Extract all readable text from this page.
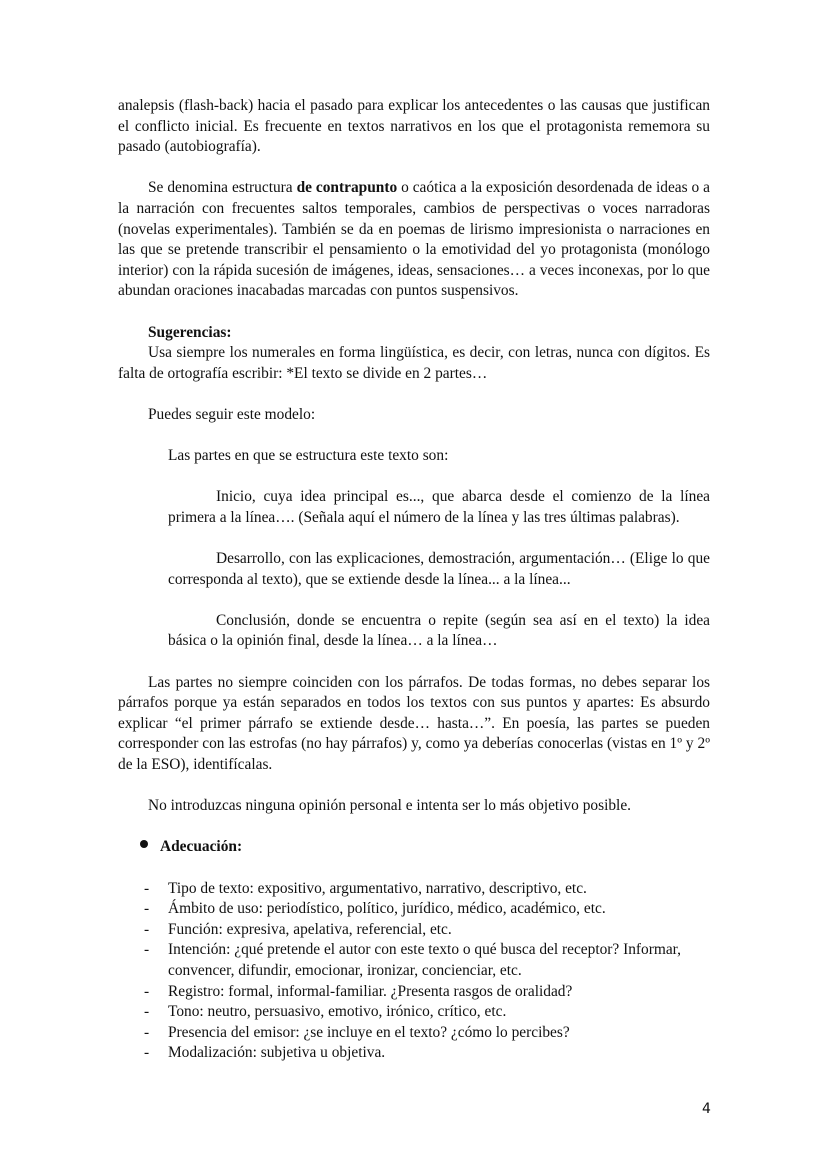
analepsis (flash-back) hacia el pasado para explicar los antecedentes o las causas que justifican el conflicto inicial. Es frecuente en textos narrativos en los que el protagonista rememora su pasado (autobiografía).

Se denomina estructura de contrapunto o caótica a la exposición desordenada de ideas o a la narración con frecuentes saltos temporales, cambios de perspectivas o voces narradoras (novelas experimentales). También se da en poemas de lirismo impresionista o narraciones en las que se pretende transcribir el pensamiento o la emotividad del yo protagonista (monólogo interior) con la rápida sucesión de imágenes, ideas, sensaciones… a veces inconexas, por lo que abundan oraciones inacabadas marcadas con puntos suspensivos.

Sugerencias:

Usa siempre los numerales en forma lingüística, es decir, con letras, nunca con dígitos. Es falta de ortografía escribir: *El texto se divide en 2 partes…

Puedes seguir este modelo:

Las partes en que se estructura este texto son:

Inicio, cuya idea principal es..., que abarca desde el comienzo de la línea primera a la línea…. (Señala aquí el número de la línea y las tres últimas palabras).

Desarrollo, con las explicaciones, demostración, argumentación… (Elige lo que corresponda al texto), que se extiende desde la línea... a la línea...

Conclusión, donde se encuentra o repite (según sea así en el texto) la idea básica o la opinión final, desde la línea… a la línea…

Las partes no siempre coinciden con los párrafos. De todas formas, no debes separar los párrafos porque ya están separados en todos los textos con sus puntos y apartes: Es absurdo explicar “el primer párrafo se extiende desde… hasta…”. En poesía, las partes se pueden corresponder con las estrofas (no hay párrafos) y, como ya deberías conocerlas (vistas en 1º y 2º de la ESO), identifícalas.

No introduzcas ninguna opinión personal e intenta ser lo más objetivo posible.

Adecuación:
-	Tipo de texto: expositivo, argumentativo, narrativo, descriptivo, etc.
-	Ámbito de uso: periodístico, político, jurídico, médico, académico, etc.
-	Función: expresiva, apelativa, referencial, etc.
-	Intención: ¿qué pretende el autor con este texto o qué busca del receptor? Informar, convencer, difundir, emocionar, ironizar, concienciar, etc.
-	Registro: formal, informal-familiar. ¿Presenta rasgos de oralidad?
-	Tono: neutro, persuasivo, emotivo, irónico, crítico, etc.
-	Presencia del emisor: ¿se incluye en el texto? ¿cómo lo percibes?
-	Modalización: subjetiva u objetiva.
4
